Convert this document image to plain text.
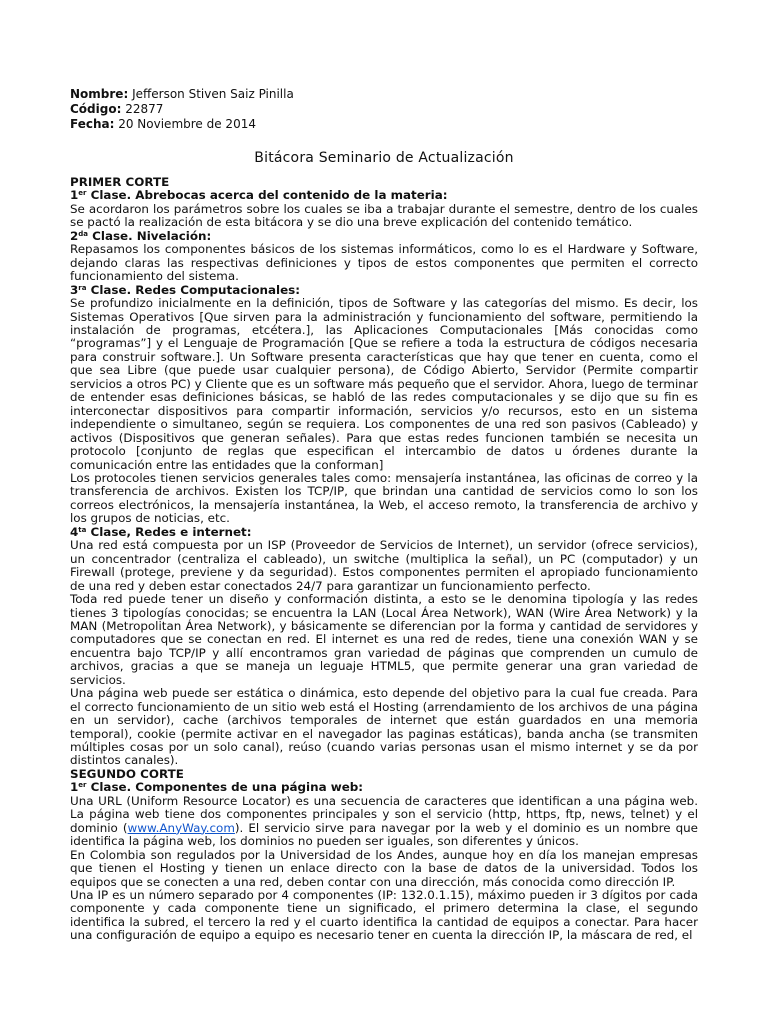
Nombre: Jefferson Stiven Saiz Pinilla
Código: 22877
Fecha: 20 Noviembre de 2014
Bitácora Seminario de Actualización

PRIMER CORTE

1er Clase. Abrebocas acerca del contenido de la materia:

Se acordaron los parámetros sobre los cuales se iba a trabajar durante el semestre, dentro de los cuales se pactó la realización de esta bitácora y se dio una breve explicación del contenido temático.

$2^{da}$ Clase. Nivelación:

Repasamos los componentes básicos de los sistemas informáticos, como lo es el Hardware y Software, dejando claras las respectivas definiciones y tipos de estos componentes que permiten el correcto funcionamiento del sistema.

$3^{ra}$ Clase. Redes Computacionales:

Se profundizo inicialmente en la definición, tipos de Software y las categorías del mismo. Es decir, los Sistemas Operativos [Que sirven para la administración y funcionamiento del software, permitiendo la instalación de programas, etcétera.], las Aplicaciones Computacionales [Más conocidas como “programas”] y el Lenguaje de Programación [Que se refiere a toda la estructura de códigos necesaria para construir software.]. Un Software presenta características que hay que tener en cuenta, como el que sea Libre (que puede usar cualquier persona), de Código Abierto, Servidor (Permite compartir servicios a otros PC) y Cliente que es un software más pequeño que el servidor. Ahora, luego de terminar de entender esas definiciones básicas, se habló de las redes computacionales y se dijo que su fin es interconectar dispositivos para compartir información, servicios y/o recursos, esto en un sistema independiente o simultaneo, según se requiera. Los componentes de una red son pasivos (Cableado) y activos (Dispositivos que generan señales). Para que estas redes funcionen también se necesita un protocolo [conjunto de reglas que especifican el intercambio de datos u órdenes durante la comunicación entre las entidades que la conforman]

Los protocoles tienen servicios generales tales como: mensajería instantánea, las oficinas de correo y la transferencia de archivos. Existen los TCP/IP, que brindan una cantidad de servicios como lo son los correos electrónicos, la mensajería instantánea, la Web, el acceso remoto, la transferencia de archivo y los grupos de noticias, etc.

$4^{ta}$ Clase, Redes e internet:

Una red está compuesta por un ISP (Proveedor de Servicios de Internet), un servidor (ofrece servicios), un concentrador (centraliza el cableado), un switche (multiplica la señal), un PC (computador) y un Firewall (protege, previene y da seguridad). Estos componentes permiten el apropiado funcionamiento de una red y deben estar conectados 24/7 para garantizar un funcionamiento perfecto.

Toda red puede tener un diseño y conformación distinta, a esto se le denomina tipología y las redes tienes 3 tipologías conocidas; se encuentra la LAN (Local Área Network), WAN (Wire Área Network) y la MAN (Metropolitan Área Network), y básicamente se diferencian por la forma y cantidad de servidores y computadores que se conectan en red. El internet es una red de redes, tiene una conexión WAN y se encuentra bajo TCP/IP y allí encontramos gran variedad de páginas que comprenden un cumulo de archivos, gracias a que se maneja un leguaje HTML5, que permite generar una gran variedad de servicios.

Una página web puede ser estática o dinámica, esto depende del objetivo para la cual fue creada. Para el correcto funcionamiento de un sitio web está el Hosting (arrendamiento de los archivos de una página en un servidor), cache (archivos temporales de internet que están guardados en una memoria temporal), cookie (permite activar en el navegador las paginas estáticas), banda ancha (se transmiten múltiples cosas por un solo canal), reúso (cuando varias personas usan el mismo internet y se da por distintos canales).

SEGUNDO CORTE

1er Clase. Componentes de una página web:

Una URL (Uniform Resource Locator) es una secuencia de caracteres que identifican a una página web. La página web tiene dos componentes principales y son el servicio (http, https, ftp, news, telnet) y el dominio (www.AnyWay.com). El servicio sirve para navegar por la web y el dominio es un nombre que identifica la página web, los dominios no pueden ser iguales, son diferentes y únicos.

En Colombia son regulados por la Universidad de los Andes, aunque hoy en día los manejan empresas que tienen el Hosting y tienen un enlace directo con la base de datos de la universidad. Todos los equipos que se conecten a una red, deben contar con una dirección, más conocida como dirección IP.

Una IP es un número separado por 4 componentes (IP: 132.0.1.15), máximo pueden ir 3 dígitos por cada componente y cada componente tiene un significado, el primero determina la clase, el segundo identifica la subred, el tercero la red y el cuarto identifica la cantidad de equipos a conectar. Para hacer una configuración de equipo a equipo es necesario tener en cuenta la dirección IP, la máscara de red, el
